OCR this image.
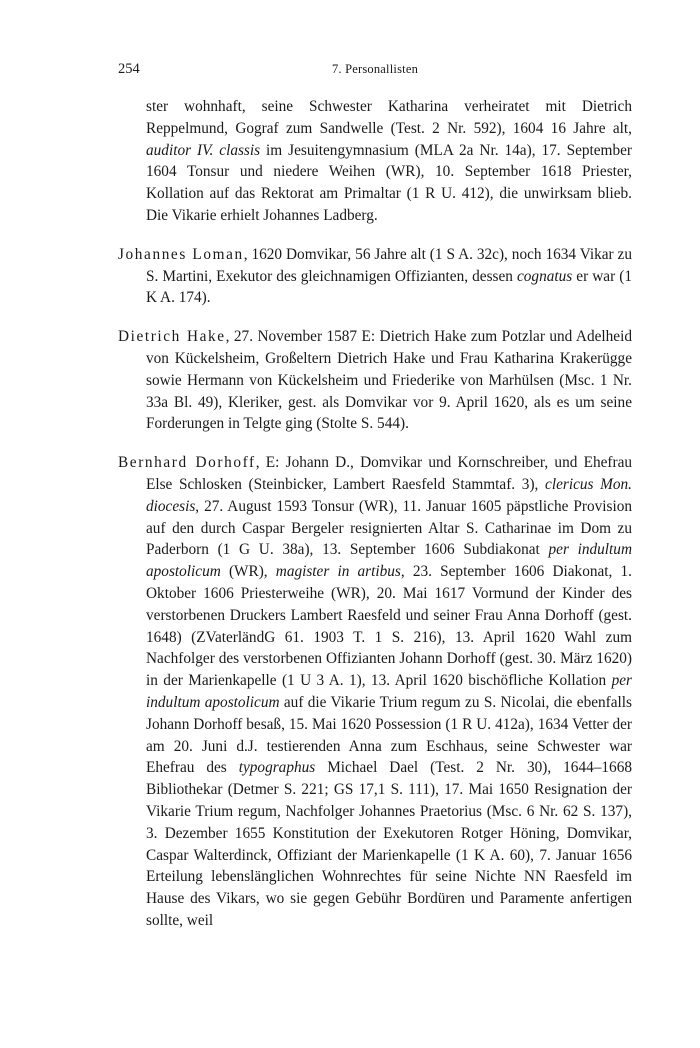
254	7. Personallisten

ster wohnhaft, seine Schwester Katharina verheiratet mit Dietrich Reppelmund, Gograf zum Sandwelle (Test. 2 Nr. 592), 1604 16 Jahre alt, auditor IV. classis im Jesuitengymnasium (MLA 2a Nr. 14a), 17. September 1604 Tonsur und niedere Weihen (WR), 10. September 1618 Priester, Kollation auf das Rektorat am Primaltar (1 R U. 412), die unwirksam blieb. Die Vikarie erhielt Johannes Ladberg.

Johannes Loman, 1620 Domvikar, 56 Jahre alt (1 S A. 32c), noch 1634 Vikar zu S. Martini, Exekutor des gleichnamigen Offizianten, dessen cognatus er war (1 K A. 174).

Dietrich Hake, 27. November 1587 E: Dietrich Hake zum Potzlar und Adelheid von Kückelsheim, Großeltern Dietrich Hake und Frau Katharina Krakerügge sowie Hermann von Kückelsheim und Friederike von Marhülsen (Msc. 1 Nr. 33a Bl. 49), Kleriker, gest. als Domvikar vor 9. April 1620, als es um seine Forderungen in Telgte ging (Stolte S. 544).

Bernhard Dorhoff, E: Johann D., Domvikar und Kornschreiber, und Ehefrau Else Schlosken (Steinbicker, Lambert Raesfeld Stammtaf. 3), clericus Mon. diocesis, 27. August 1593 Tonsur (WR), 11. Januar 1605 päpstliche Provision auf den durch Caspar Bergeler resignierten Altar S. Catharinae im Dom zu Paderborn (1 G U. 38a), 13. September 1606 Subdiakonat per indultum apostolicum (WR), magister in artibus, 23. September 1606 Diakonat, 1. Oktober 1606 Priesterweihe (WR), 20. Mai 1617 Vormund der Kinder des verstorbenen Druckers Lambert Raesfeld und seiner Frau Anna Dorhoff (gest. 1648) (ZVaterländG 61. 1903 T. 1 S. 216), 13. April 1620 Wahl zum Nachfolger des verstorbenen Offizianten Johann Dorhoff (gest. 30. März 1620) in der Marienkapelle (1 U 3 A. 1), 13. April 1620 bischöfliche Kollation per indultum apostolicum auf die Vikarie Trium regum zu S. Nicolai, die ebenfalls Johann Dorhoff besaß, 15. Mai 1620 Possession (1 R U. 412a), 1634 Vetter der am 20. Juni d.J. testierenden Anna zum Eschhaus, seine Schwester war Ehefrau des typographus Michael Dael (Test. 2 Nr. 30), 1644–1668 Bibliothekar (Detmer S. 221; GS 17,1 S. 111), 17. Mai 1650 Resignation der Vikarie Trium regum, Nachfolger Johannes Praetorius (Msc. 6 Nr. 62 S. 137), 3. Dezember 1655 Konstitution der Exekutoren Rotger Höning, Domvikar, Caspar Walterdinck, Offiziant der Marienkapelle (1 K A. 60), 7. Januar 1656 Erteilung lebenslänglichen Wohnrechtes für seine Nichte NN Raesfeld im Hause des Vikars, wo sie gegen Gebühr Bordüren und Paramente anfertigen sollte, weil
